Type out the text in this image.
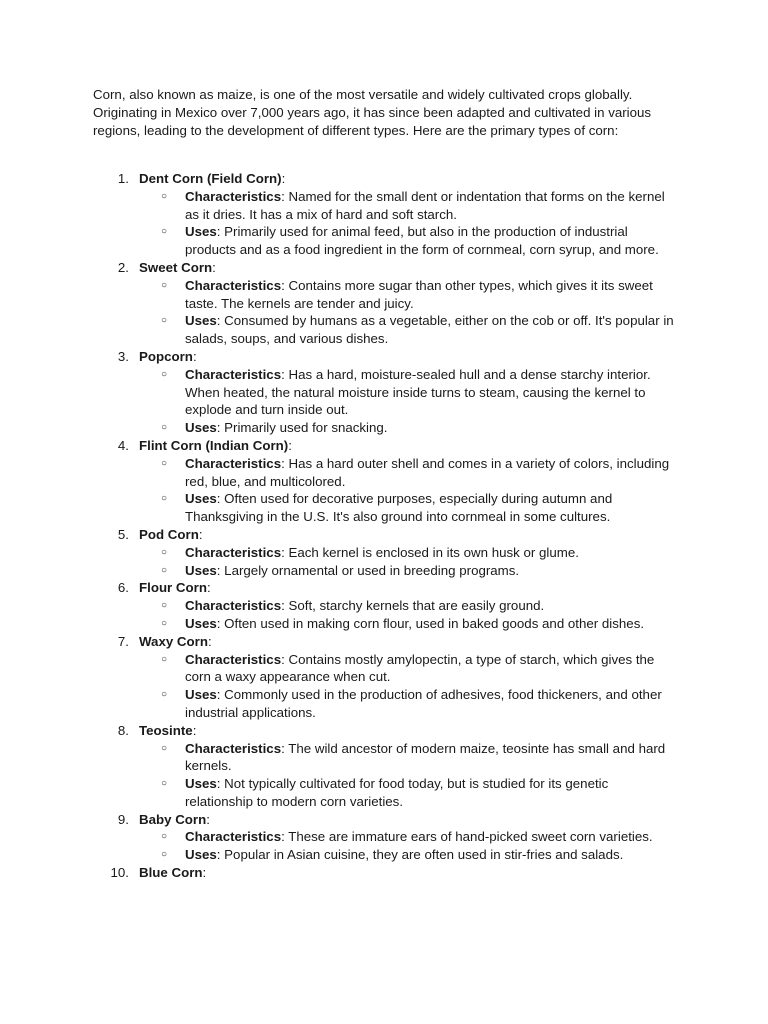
Corn, also known as maize, is one of the most versatile and widely cultivated crops globally. Originating in Mexico over 7,000 years ago, it has since been adapted and cultivated in various regions, leading to the development of different types. Here are the primary types of corn:

1. Dent Corn (Field Corn):
○ Characteristics: Named for the small dent or indentation that forms on the kernel as it dries. It has a mix of hard and soft starch.
○ Uses: Primarily used for animal feed, but also in the production of industrial products and as a food ingredient in the form of cornmeal, corn syrup, and more.
2. Sweet Corn:
○ Characteristics: Contains more sugar than other types, which gives it its sweet taste. The kernels are tender and juicy.
○ Uses: Consumed by humans as a vegetable, either on the cob or off. It's popular in salads, soups, and various dishes.
3. Popcorn:
○ Characteristics: Has a hard, moisture-sealed hull and a dense starchy interior. When heated, the natural moisture inside turns to steam, causing the kernel to explode and turn inside out.
○ Uses: Primarily used for snacking.
4. Flint Corn (Indian Corn):
○ Characteristics: Has a hard outer shell and comes in a variety of colors, including red, blue, and multicolored.
○ Uses: Often used for decorative purposes, especially during autumn and Thanksgiving in the U.S. It's also ground into cornmeal in some cultures.
5. Pod Corn:
○ Characteristics: Each kernel is enclosed in its own husk or glume.
○ Uses: Largely ornamental or used in breeding programs.
6. Flour Corn:
○ Characteristics: Soft, starchy kernels that are easily ground.
○ Uses: Often used in making corn flour, used in baked goods and other dishes.
7. Waxy Corn:
○ Characteristics: Contains mostly amylopectin, a type of starch, which gives the corn a waxy appearance when cut.
○ Uses: Commonly used in the production of adhesives, food thickeners, and other industrial applications.
8. Teosinte:
○ Characteristics: The wild ancestor of modern maize, teosinte has small and hard kernels.
○ Uses: Not typically cultivated for food today, but is studied for its genetic relationship to modern corn varieties.
9. Baby Corn:
○ Characteristics: These are immature ears of hand-picked sweet corn varieties.
○ Uses: Popular in Asian cuisine, they are often used in stir-fries and salads.
10. Blue Corn:
